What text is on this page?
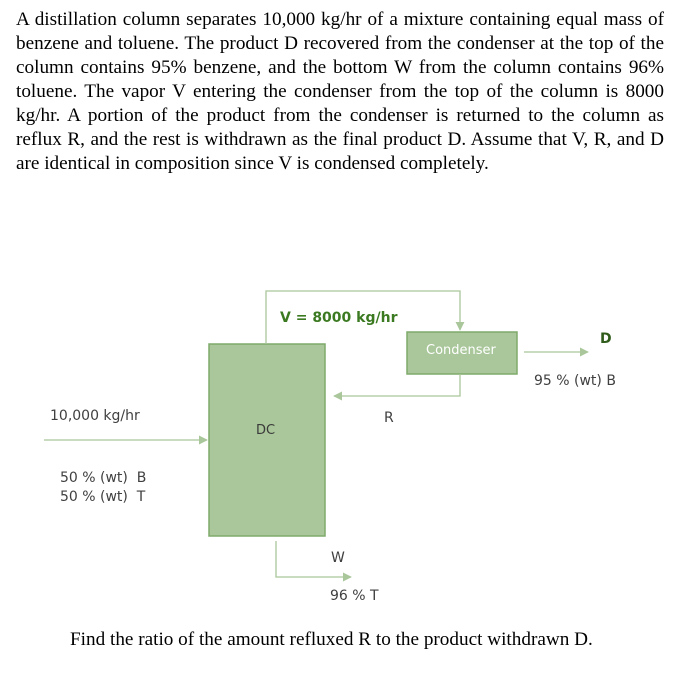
A distillation column separates 10,000 kg/hr of a mixture containing equal mass of benzene and toluene. The product D recovered from the condenser at the top of the column contains 95% benzene, and the bottom W from the column contains 96% toluene. The vapor V entering the condenser from the top of the column is 8000 kg/hr. A portion of the product from the condenser is returned to the column as reflux R, and the rest is withdrawn as the final product D. Assume that V, R, and D are identical in composition since V is condensed completely.
DC
Condenser
V = 8000 kg/hr
R
D
95 % (wt) B
10,000 kg/hr
50 % (wt)  B
50 % (wt)  T
W
96 % T
Find the ratio of the amount refluxed R to the product withdrawn D.
